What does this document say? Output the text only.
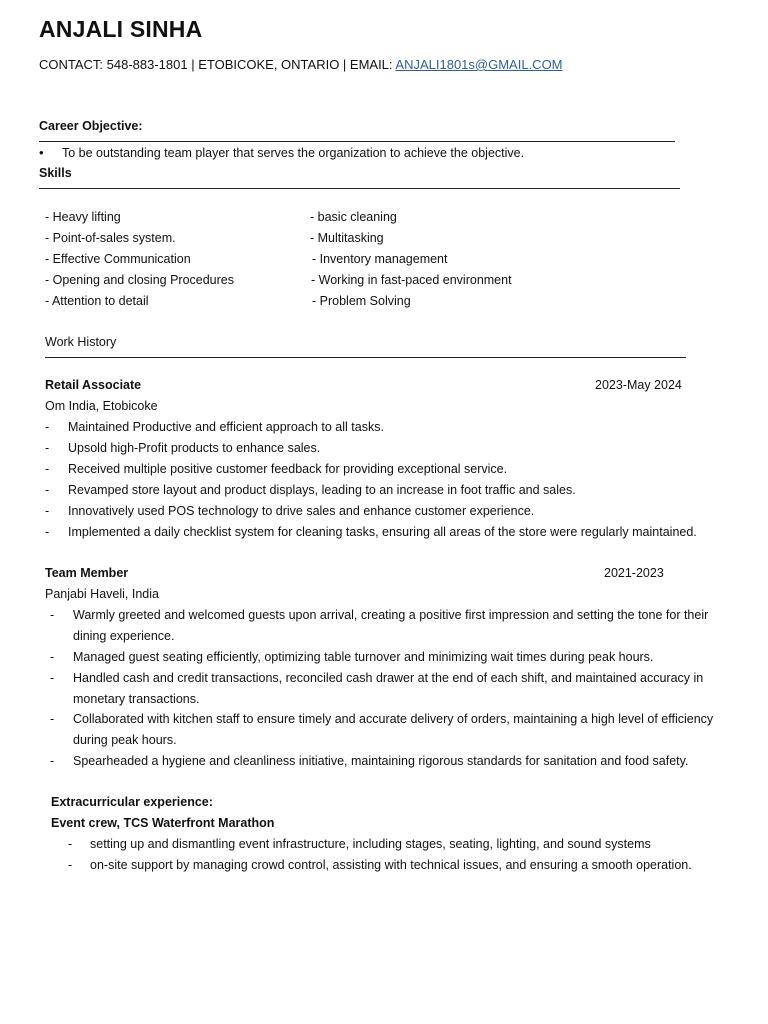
ANJALI SINHA
CONTACT: 548-883-1801 | ETOBICOKE, ONTARIO | EMAIL: ANJALI1801s@GMAIL.COM
Career Objective:
• To be outstanding team player that serves the organization to achieve the objective.
Skills
- Heavy lifting
- Point-of-sales system.
- Effective Communication
- Opening and closing Procedures
- Attention to detail
- basic cleaning
- Multitasking
- Inventory management
- Working in fast-paced environment
- Problem Solving
Work History
Retail Associate	2023-May 2024
Om India, Etobicoke
- Maintained Productive and efficient approach to all tasks.
- Upsold high-Profit products to enhance sales.
- Received multiple positive customer feedback for providing exceptional service.
- Revamped store layout and product displays, leading to an increase in foot traffic and sales.
- Innovatively used POS technology to drive sales and enhance customer experience.
- Implemented a daily checklist system for cleaning tasks, ensuring all areas of the store were regularly maintained.
Team Member	2021-2023
Panjabi Haveli, India
- Warmly greeted and welcomed guests upon arrival, creating a positive first impression and setting the tone for their
dining experience.
- Managed guest seating efficiently, optimizing table turnover and minimizing wait times during peak hours.
- Handled cash and credit transactions, reconciled cash drawer at the end of each shift, and maintained accuracy in
monetary transactions.
- Collaborated with kitchen staff to ensure timely and accurate delivery of orders, maintaining a high level of efficiency
during peak hours.
- Spearheaded a hygiene and cleanliness initiative, maintaining rigorous standards for sanitation and food safety.
Extracurricular experience:
Event crew, TCS Waterfront Marathon
- setting up and dismantling event infrastructure, including stages, seating, lighting, and sound systems
- on-site support by managing crowd control, assisting with technical issues, and ensuring a smooth operation.
